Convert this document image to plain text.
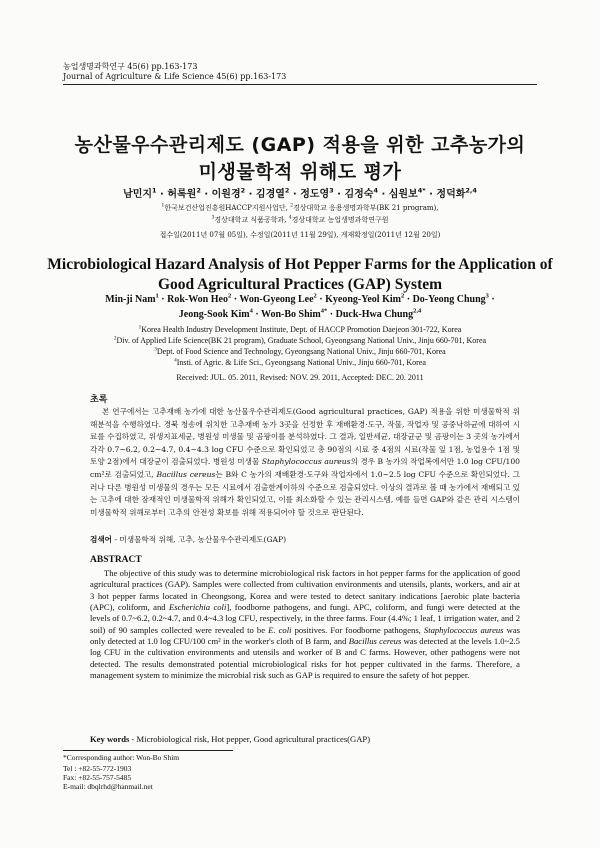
농업생명과학연구 45(6) pp.163-173
Journal of Agriculture & Life Science 45(6) pp.163-173
농산물우수관리제도 (GAP) 적용을 위한 고추농가의
미생물학적 위해도 평가
남민지$^1$ · 허록원$^2$ · 이원경$^2$ · 김경열$^2$ · 정도영$^3$ · 김정숙$^4$ · 심원보$^{4*}$ · 정덕화$^{2,4}$
$^1$한국보건산업진흥원HACCP지원사업단, $^2$경상대학교 응용생명과학부(BK 21 program),
$^3$경상대학교 식품공학과, $^4$경상대학교 농업생명과학연구원
접수일(2011년 07월 05일), 수정일(2011년 11월 29일), 게재확정일(2011년 12월 20일)
Microbiological Hazard Analysis of Hot Pepper Farms for the Application of
Good Agricultural Practices (GAP) System
Min-ji Nam$^1$ · Rok-Won Heo$^2$ · Won-Gyeong Lee$^2$ · Kyeong-Yeol Kim$^2$ · Do-Yeong Chung$^3$ ·
Jeong-Sook Kim$^4$ · Won-Bo Shim$^{4*}$ · Duck-Hwa Chung$^{2,4}$
$^1$Korea Health Industry Development Institute, Dept. of HACCP Promotion Daejeon 301-722, Korea
$^2$Div. of Applied Life Science(BK 21 program), Graduate School, Gyeongsang National Univ., Jinju 660-701, Korea
$^3$Dept. of Food Science and Technology, Gyeongsang National Univ., Jinju 660-701, Korea
$^4$Insti. of Agric. & Life Sci., Gyeongsang National Univ., Jinju 660-701, Korea
Received: JUL. 05. 2011, Revised: NOV. 29. 2011, Accepted: DEC. 20. 2011
초록

본 연구에서는 고추재배 농가에 대한 농산물우수관리제도(Good agricultural practices, GAP) 적용을 위한 미생물학적 위해분석을 수행하였다. 경북 청송에 위치한 고추재배 농가 3곳을 선정한 후 재배환경·도구, 작물, 작업자 및 공중낙하균에 대하여 시료를 수집하였고, 위생지표세균, 병원성 미생물 및 곰팡이를 분석하였다. 그 결과, 일반세균, 대장균군 및 곰팡이는 3 곳의 농가에서 각각 0.7~6.2, 0.2~4.7, 0.4~4.3 log CFU 수준으로 확인되었고 총 90점의 시료 중 4점의 시료(작물 잎 1점, 농업용수 1점 및 토양 2점)에서 대장균이 검출되었다. 병원성 미생물 Staphylococcus aureus의 경우 B 농가의 작업복에서만 1.0 log CFU/100 cm²로 검출되었고, Bacillus cereus는 B와 C 농가의 재배환경·도구와 작업자에서 1.0~2.5 log CFU 수준으로 확인되었다. 그러나 다른 병원성 미생물의 경우는 모든 시료에서 검출한계이하의 수준으로 검출되었다. 이상의 결과로 볼 때 농가에서 재배되고 있는 고추에 대한 잠재적인 미생물학적 위해가 확인되었고, 이를 최소화할 수 있는 관리시스템, 예를 들면 GAP와 같은 관리 시스템이 미생물학적 위해로부터 고추의 안전성 확보를 위해 적용되어야 할 것으로 판단된다.

검색어 - 미생물학적 위해, 고추, 농산물우수관리제도(GAP)
ABSTRACT

The objective of this study was to determine microbiological risk factors in hot pepper farms for the application of good agricultural practices (GAP). Samples were collected from cultivation environments and utensils, plants, workers, and air at 3 hot pepper farms located in Cheongsong, Korea and were tested to detect sanitary indications [aerobic plate bacteria (APC), coliform, and Escherichia coli], foodborne pathogens, and fungi. APC, coliform, and fungi were detected at the levels of 0.7~6.2, 0.2~4.7, and 0.4~4.3 log CFU, respectively, in the three farms. Four (4.4%; 1 leaf, 1 irrigation water, and 2 soil) of 90 samples collected were revealed to be E. coli positives. For foodborne pathogens, Staphylococcus aureus was only detected at 1.0 log CFU/100 cm² in the worker's cloth of B farm, and Bacillus cereus was detected at the levels 1.0~2.5 log CFU in the cultivation environments and utensils and worker of B and C farms. However, other pathogens were not detected. The results demonstrated potential microbiological risks for hot pepper cultivated in the farms. Therefore, a management system to minimize the microbial risk such as GAP is required to ensure the safety of hot pepper.

Key words - Microbiological risk, Hot pepper, Good agricultural practices(GAP)
*Corresponding author: Won-Bo Shim
Tel : +82-55-772-1903
Fax: +82-55-757-5485
E-mail: dbqlrhd@hanmail.net
